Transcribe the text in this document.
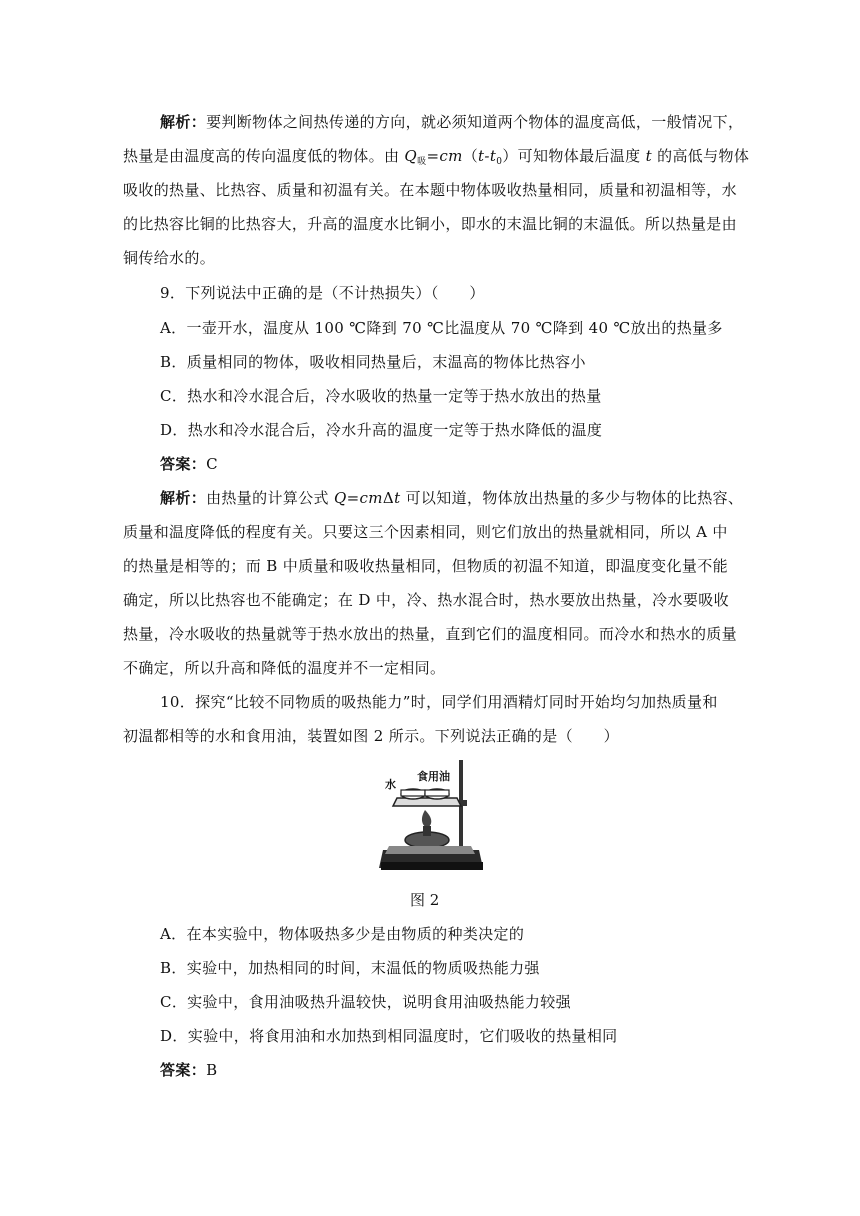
解析：要判断物体之间热传递的方向，就必须知道两个物体的温度高低，一般情况下，
热量是由温度高的传向温度低的物体。由 $Q_吸=cm(t-t_0)$可知物体最后温度 t 的高低与物体
吸收的热量、比热容、质量和初温有关。在本题中物体吸收热量相同，质量和初温相等，水
的比热容比铜的比热容大，升高的温度水比铜小，即水的末温比铜的末温低。所以热量是由
铜传给水的。
9．下列说法中正确的是（不计热损失）（　　）
A．一壶开水，温度从 100 ℃降到 70 ℃比温度从 70 ℃降到 40 ℃放出的热量多
B．质量相同的物体，吸收相同热量后，末温高的物体比热容小
C．热水和冷水混合后，冷水吸收的热量一定等于热水放出的热量
D．热水和冷水混合后，冷水升高的温度一定等于热水降低的温度
答案：C
解析：由热量的计算公式 Q=cmΔt 可以知道，物体放出热量的多少与物体的比热容、
质量和温度降低的程度有关。只要这三个因素相同，则它们放出的热量就相同，所以 A 中
的热量是相等的；而 B 中质量和吸收热量相同，但物质的初温不知道，即温度变化量不能
确定，所以比热容也不能确定；在 D 中，冷、热水混合时，热水要放出热量，冷水要吸收
热量，冷水吸收的热量就等于热水放出的热量，直到它们的温度相同。而冷水和热水的质量
不确定，所以升高和降低的温度并不一定相同。
10．探究“比较不同物质的吸热能力”时，同学们用酒精灯同时开始均匀加热质量和
初温都相等的水和食用油，装置如图 2 所示。下列说法正确的是（　　）
水
食用油
图 2
A．在本实验中，物体吸热多少是由物质的种类决定的
B．实验中，加热相同的时间，末温低的物质吸热能力强
C．实验中，食用油吸热升温较快，说明食用油吸热能力较强
D．实验中，将食用油和水加热到相同温度时，它们吸收的热量相同
答案：B
